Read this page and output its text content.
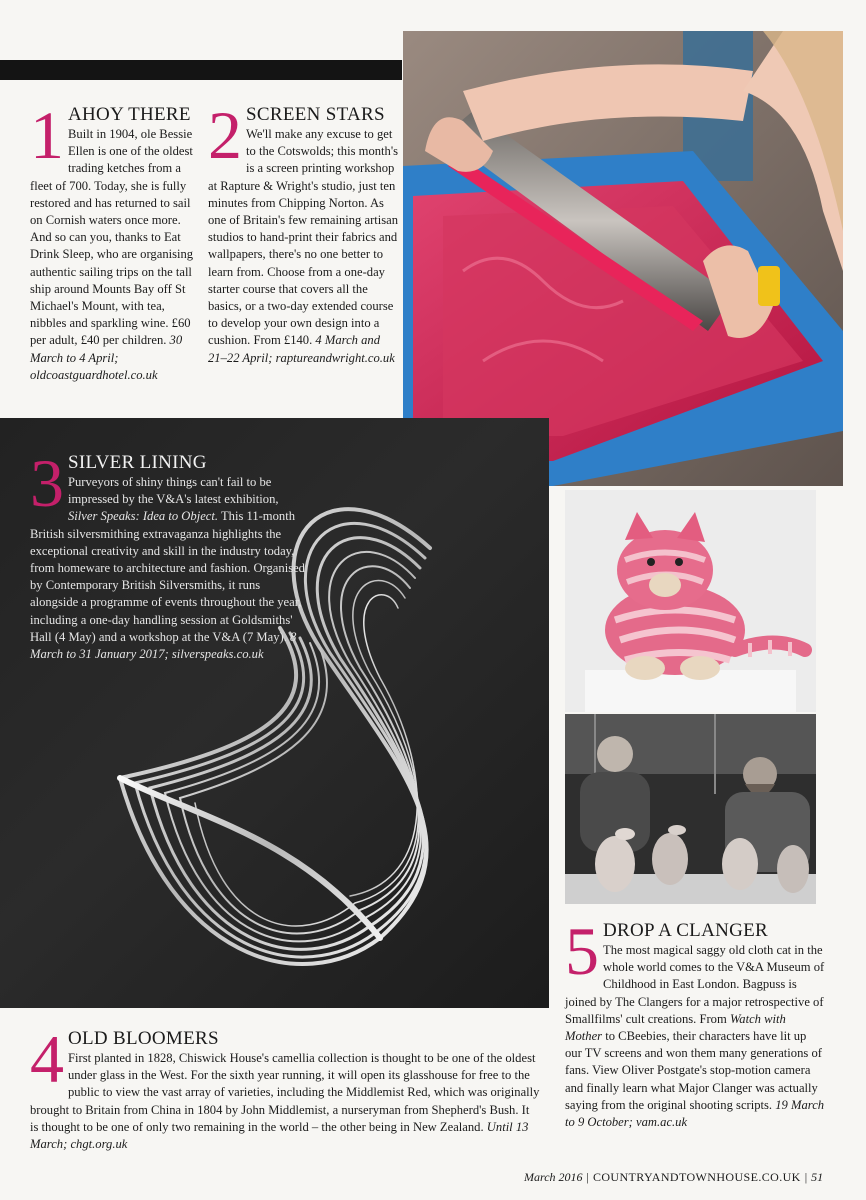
1 AHOY THERE

Built in 1904, ole Bessie Ellen is one of the oldest trading ketches from a fleet of 700. Today, she is fully restored and has returned to sail on Cornish waters once more. And so can you, thanks to Eat Drink Sleep, who are organising authentic sailing trips on the tall ship around Mounts Bay off St Michael's Mount, with tea, nibbles and sparkling wine. £60 per adult, £40 per children. 30 March to 4 April; oldcoastguardhotel.co.uk

2 SCREEN STARS

We'll make any excuse to get to the Cotswolds; this month's is a screen printing workshop at Rapture & Wright's studio, just ten minutes from Chipping Norton. As one of Britain's few remaining artisan studios to hand-print their fabrics and wallpapers, there's no one better to learn from. Choose from a one-day starter course that covers all the basics, or a two-day extended course to develop your own design into a cushion. From £140. 4 March and 21–22 April; raptureandwright.co.uk

3 SILVER LINING

Purveyors of shiny things can't fail to be impressed by the V&A's latest exhibition, Silver Speaks: Idea to Object. This 11-month British silversmithing extravaganza highlights the exceptional creativity and skill in the industry today, from homeware to architecture and fashion. Organised by Contemporary British Silversmiths, it runs alongside a programme of events throughout the year, including a one-day handling session at Goldsmiths' Hall (4 May) and a workshop at the V&A (7 May). 8 March to 31 January 2017; silverspeaks.co.uk

4 OLD BLOOMERS

First planted in 1828, Chiswick House's camellia collection is thought to be one of the oldest under glass in the West. For the sixth year running, it will open its glasshouse for free to the public to view the vast array of varieties, including the Middlemist Red, which was originally brought to Britain from China in 1804 by John Middlemist, a nurseryman from Shepherd's Bush. It is thought to be one of only two remaining in the world – the other being in New Zealand. Until 13 March; chgt.org.uk

5 DROP A CLANGER

The most magical saggy old cloth cat in the whole world comes to the V&A Museum of Childhood in East London. Bagpuss is joined by The Clangers for a major retrospective of Smallfilms' cult creations. From Watch with Mother to CBeebies, their characters have lit up our TV screens and won them many generations of fans. View Oliver Postgate's stop-motion camera and finally learn what Major Clanger was actually saying from the original shooting scripts. 19 March to 9 October; vam.ac.uk

March 2016 | COUNTRYANDTOWNHOUSE.CO.UK | 51
